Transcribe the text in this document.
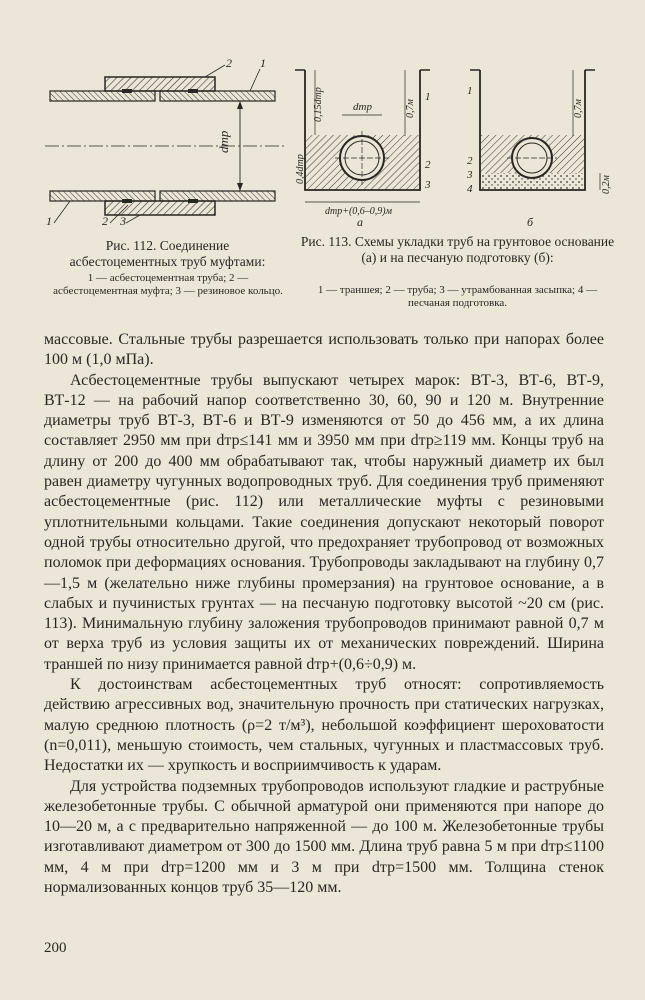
dтр
2 1
1	2 3
Рис. 112. Соединение асбестоцементных труб муфтами:
1 — асбестоцементная труба; 2 — асбестоцементная муфта; 3 — резиновое кольцо.
dтр
dтр+(0,6–0,9)м
0,15dтр	0,7м
0,4dтр
1
2
3
а
0,7м
0,2м
1
2
3
4
б
Рис. 113. Схемы укладки труб на грунтовое основание (а) и на песчаную подготовку (б):
1 — траншея; 2 — труба; 3 — утрамбованная засыпка; 4 — песчаная подготовка.

массовые. Стальные трубы разрешается использовать только при напорах более 100 м (1,0 мПа).

Асбестоцементные трубы выпускают четырех марок: ВТ-3, ВТ-6, ВТ-9, ВТ-12 — на рабочий напор соответственно 30, 60, 90 и 120 м. Внутренние диаметры труб ВТ-3, ВТ-6 и ВТ-9 изменяются от 50 до 456 мм, а их длина составляет 2950 мм при dтр≤141 мм и 3950 мм при dтр≥119 мм. Концы труб на длину от 200 до 400 мм обрабатывают так, чтобы наружный диаметр их был равен диаметру чугунных водопроводных труб. Для соединения труб применяют асбестоцементные (рис. 112) или металлические муфты с резиновыми уплотнительными кольцами. Такие соединения допускают некоторый поворот одной трубы относительно другой, что предохраняет трубопровод от возможных поломок при деформациях основания. Трубопроводы закладывают на глубину 0,7—1,5 м (желательно ниже глубины промерзания) на грунтовое основание, а в слабых и пучинистых грунтах — на песчаную подготовку высотой ~20 см (рис. 113). Минимальную глубину заложения трубопроводов принимают равной 0,7 м от верха труб из условия защиты их от механических повреждений. Ширина траншей по низу принимается равной dтр+(0,6÷0,9) м.

К достоинствам асбестоцементных труб относят: сопротивляемость действию агрессивных вод, значительную прочность при статических нагрузках, малую среднюю плотность (ρ=2 т/м³), небольшой коэффициент шероховатости (n=0,011), меньшую стоимость, чем стальных, чугунных и пластмассовых труб. Недостатки их — хрупкость и восприимчивость к ударам.

Для устройства подземных трубопроводов используют гладкие и раструбные железобетонные трубы. С обычной арматурой они применяются при напоре до 10—20 м, а с предварительно напряженной — до 100 м. Железобетонные трубы изготавливают диаметром от 300 до 1500 мм. Длина труб равна 5 м при dтр≤1100 мм, 4 м при dтр=1200 мм и 3 м при dтр=1500 мм. Толщина стенок нормализованных концов труб 35—120 мм.

200
